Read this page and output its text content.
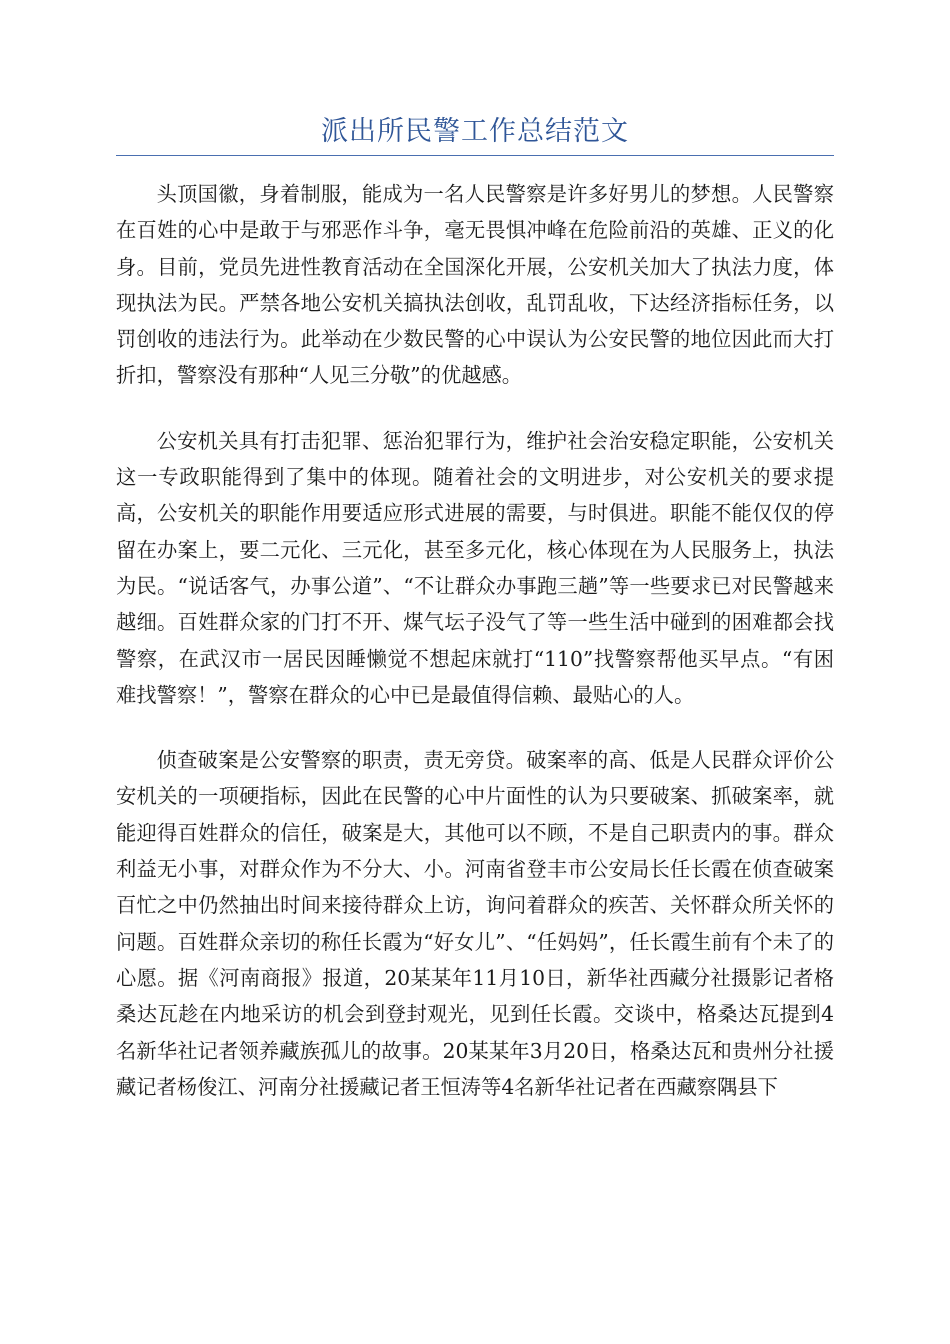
派出所民警工作总结范文

头顶国徽，身着制服，能成为一名人民警察是许多好男儿的梦想。人民警察在百姓的心中是敢于与邪恶作斗争，毫无畏惧冲峰在危险前沿的英雄、正义的化身。目前，党员先进性教育活动在全国深化开展，公安机关加大了执法力度，体现执法为民。严禁各地公安机关搞执法创收，乱罚乱收，下达经济指标任务，以罚创收的违法行为。此举动在少数民警的心中误认为公安民警的地位因此而大打折扣，警察没有那种“人见三分敬”的优越感。

公安机关具有打击犯罪、惩治犯罪行为，维护社会治安稳定职能，公安机关这一专政职能得到了集中的体现。随着社会的文明进步，对公安机关的要求提高，公安机关的职能作用要适应形式进展的需要，与时俱进。职能不能仅仅的停留在办案上，要二元化、三元化，甚至多元化，核心体现在为人民服务上，执法为民。“说话客气，办事公道”、“不让群众办事跑三趟”等一些要求已对民警越来越细。百姓群众家的门打不开、煤气坛子没气了等一些生活中碰到的困难都会找警察，在武汉市一居民因睡懒觉不想起床就打“110”找警察帮他买早点。“有困难找警察！”，警察在群众的心中已是最值得信赖、最贴心的人。

侦查破案是公安警察的职责，责无旁贷。破案率的高、低是人民群众评价公安机关的一项硬指标，因此在民警的心中片面性的认为只要破案、抓破案率，就能迎得百姓群众的信任，破案是大，其他可以不顾，不是自己职责内的事。群众利益无小事，对群众作为不分大、小。河南省登丰市公安局长任长霞在侦查破案百忙之中仍然抽出时间来接待群众上访，询问着群众的疾苦、关怀群众所关怀的问题。百姓群众亲切的称任长霞为“好女儿”、“任妈妈”，任长霞生前有个未了的心愿。据《河南商报》报道，20某某年11月10日，新华社西藏分社摄影记者格桑达瓦趁在内地采访的机会到登封观光，见到任长霞。交谈中，格桑达瓦提到4名新华社记者领养藏族孤儿的故事。20某某年3月20日，格桑达瓦和贵州分社援藏记者杨俊江、河南分社援藏记者王恒涛等4名新华社记者在西藏察隅县下
